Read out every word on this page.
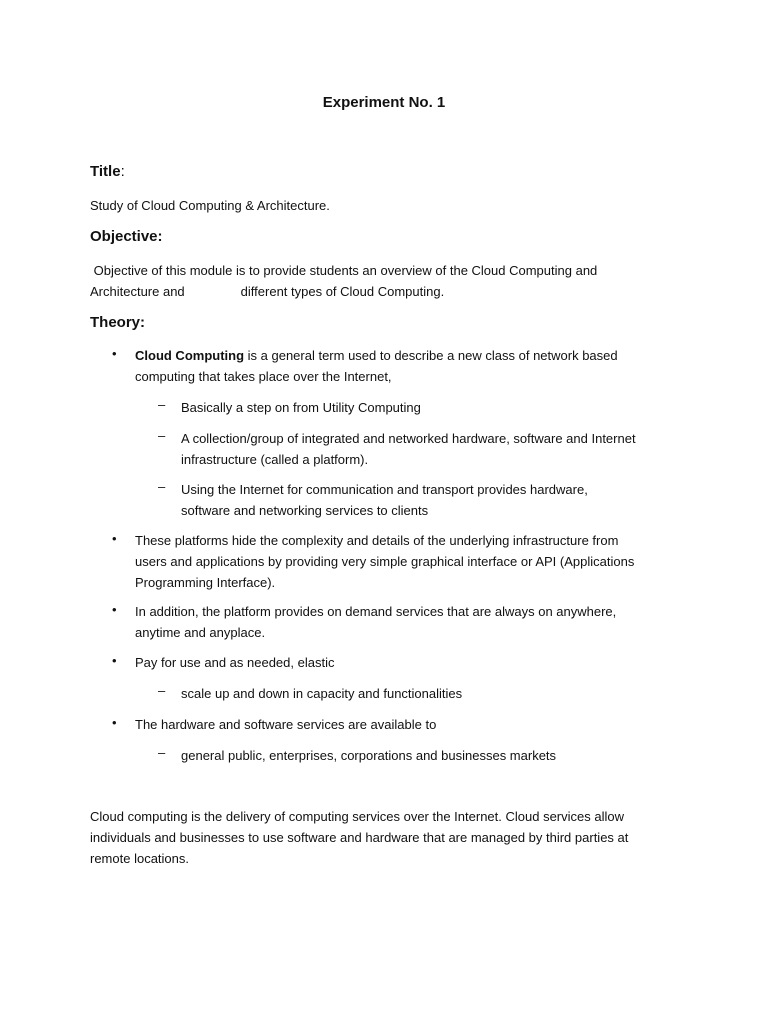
Experiment No. 1

Title:

Study of Cloud Computing & Architecture.

Objective:

Objective of this module is to provide students an overview of the Cloud Computing and

Architecture and	different types of Cloud Computing.

Theory:

• Cloud Computing is a general term used to describe a new class of network based
computing that takes place over the Internet,
– Basically a step on from Utility Computing
– A collection/group of integrated and networked hardware, software and Internet
infrastructure (called a platform).
– Using the Internet for communication and transport provides hardware,
software and networking services to clients
• These platforms hide the complexity and details of the underlying infrastructure from
users and applications by providing very simple graphical interface or API (Applications
Programming Interface).
• In addition, the platform provides on demand services that are always on anywhere,
anytime and anyplace.
• Pay for use and as needed, elastic
– scale up and down in capacity and functionalities
• The hardware and software services are available to
– general public, enterprises, corporations and businesses markets
Cloud computing is the delivery of computing services over the Internet. Cloud services allow
individuals and businesses to use software and hardware that are managed by third parties at
remote locations.
